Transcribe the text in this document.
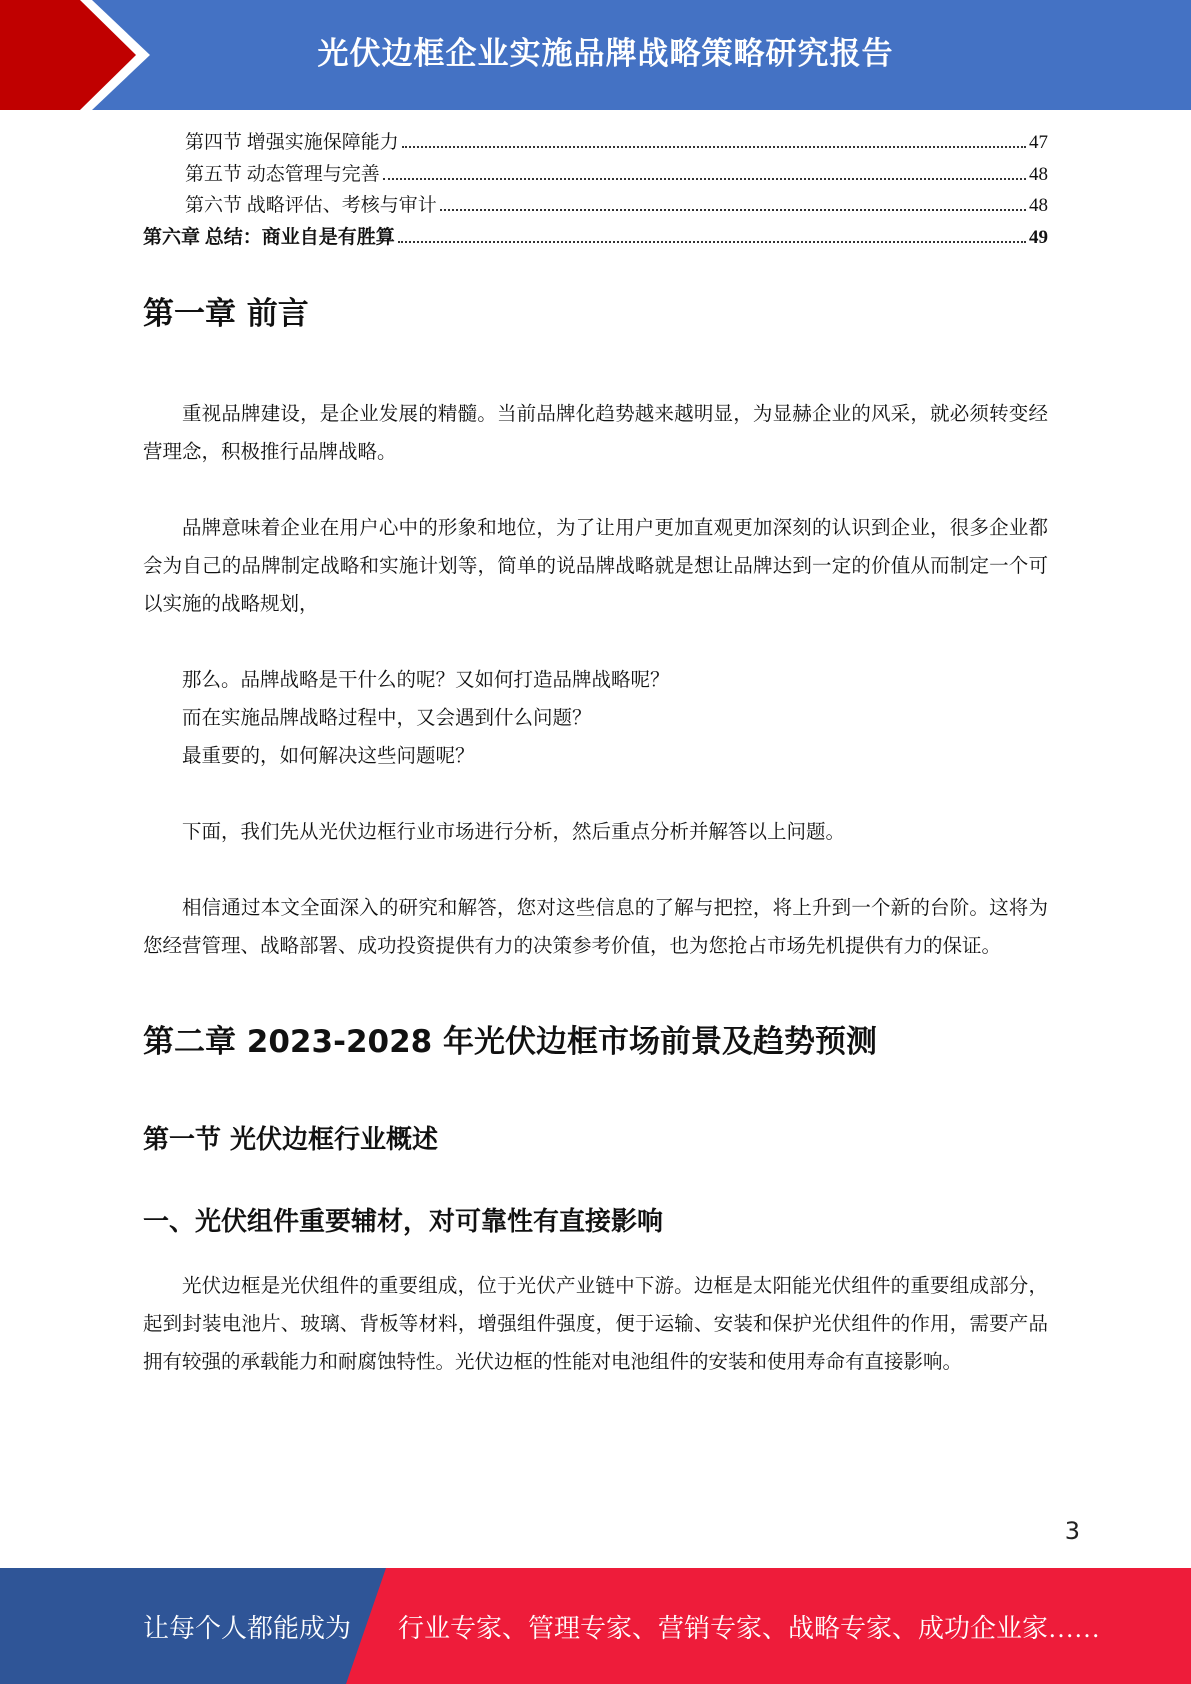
光伏边框企业实施品牌战略策略研究报告
第四节 增强实施保障能力	47
第五节 动态管理与完善	48
第六节 战略评估、考核与审计	48
第六章 总结：商业自是有胜算	49
第一章 前言

重视品牌建设，是企业发展的精髓。当前品牌化趋势越来越明显，为显赫企业的风采，就必须转变经营理念，积极推行品牌战略。

品牌意味着企业在用户心中的形象和地位，为了让用户更加直观更加深刻的认识到企业，很多企业都会为自己的品牌制定战略和实施计划等，简单的说品牌战略就是想让品牌达到一定的价值从而制定一个可以实施的战略规划，

那么。品牌战略是干什么的呢？又如何打造品牌战略呢？

而在实施品牌战略过程中，又会遇到什么问题？

最重要的，如何解决这些问题呢？

下面，我们先从光伏边框行业市场进行分析，然后重点分析并解答以上问题。

相信通过本文全面深入的研究和解答，您对这些信息的了解与把控，将上升到一个新的台阶。这将为您经营管理、战略部署、成功投资提供有力的决策参考价值，也为您抢占市场先机提供有力的保证。

第二章 2023-2028 年光伏边框市场前景及趋势预测
第一节 光伏边框行业概述
一、光伏组件重要辅材，对可靠性有直接影响

光伏边框是光伏组件的重要组成，位于光伏产业链中下游。边框是太阳能光伏组件的重要组成部分，起到封装电池片、玻璃、背板等材料，增强组件强度，便于运输、安装和保护光伏组件的作用，需要产品拥有较强的承载能力和耐腐蚀特性。光伏边框的性能对电池组件的安装和使用寿命有直接影响。

3
让每个人都能成为 行业专家、管理专家、营销专家、战略专家、成功企业家……
